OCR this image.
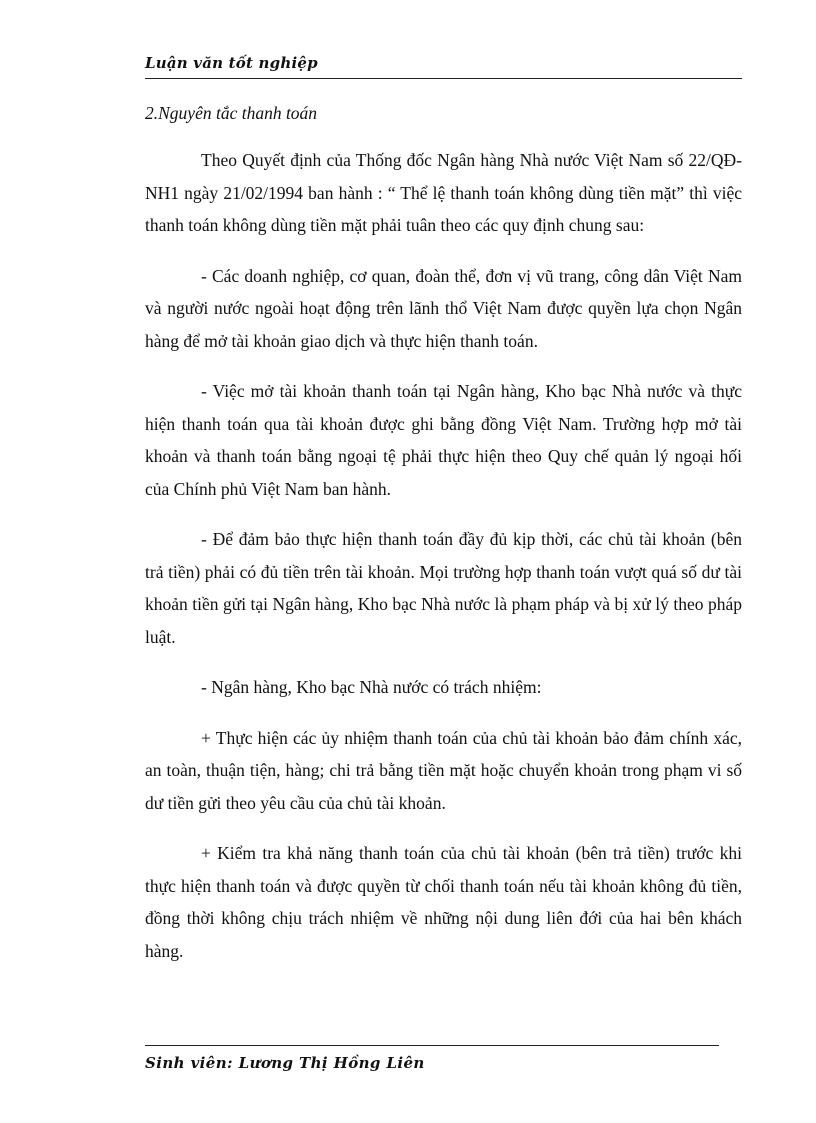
Luận văn tốt nghiệp

2.Nguyên tắc thanh toán

Theo Quyết định của Thống đốc Ngân hàng Nhà nước Việt Nam số 22/QĐ-NH1 ngày 21/02/1994 ban hành : “ Thể lệ thanh toán không dùng tiền mặt” thì việc thanh toán không dùng tiền mặt phải tuân theo các quy định chung sau:

- Các doanh nghiệp, cơ quan, đoàn thể, đơn vị vũ trang, công dân Việt Nam và người nước ngoài hoạt động trên lãnh thổ Việt Nam được quyền lựa chọn Ngân hàng để mở tài khoản giao dịch và thực hiện thanh toán.

- Việc mở tài khoản thanh toán tại Ngân hàng, Kho bạc Nhà nước và thực hiện thanh toán qua tài khoản được ghi bằng đồng Việt Nam. Trường hợp mở tài khoản và thanh toán bằng ngoại tệ phải thực hiện theo Quy chế quản lý ngoại hối của Chính phủ Việt Nam ban hành.

- Để đảm bảo thực hiện thanh toán đầy đủ kịp thời, các chủ tài khoản (bên trả tiền) phải có đủ tiền trên tài khoản. Mọi trường hợp thanh toán vượt quá số dư tài khoản tiền gửi tại Ngân hàng, Kho bạc Nhà nước là phạm pháp và bị xử lý theo pháp luật.

- Ngân hàng, Kho bạc Nhà nước có trách nhiệm:

+ Thực hiện các ủy nhiệm thanh toán của chủ tài khoản bảo đảm chính xác, an toàn, thuận tiện, hàng; chi trả bằng tiền mặt hoặc chuyển khoản trong phạm vi số dư tiền gửi theo yêu cầu của chủ tài khoản.

+ Kiểm tra khả năng thanh toán của chủ tài khoản (bên trả tiền) trước khi thực hiện thanh toán và được quyền từ chối thanh toán nếu tài khoản không đủ tiền, đồng thời không chịu trách nhiệm về những nội dung liên đới của hai bên khách hàng.

Sinh viên: Lương Thị Hồng Liên
